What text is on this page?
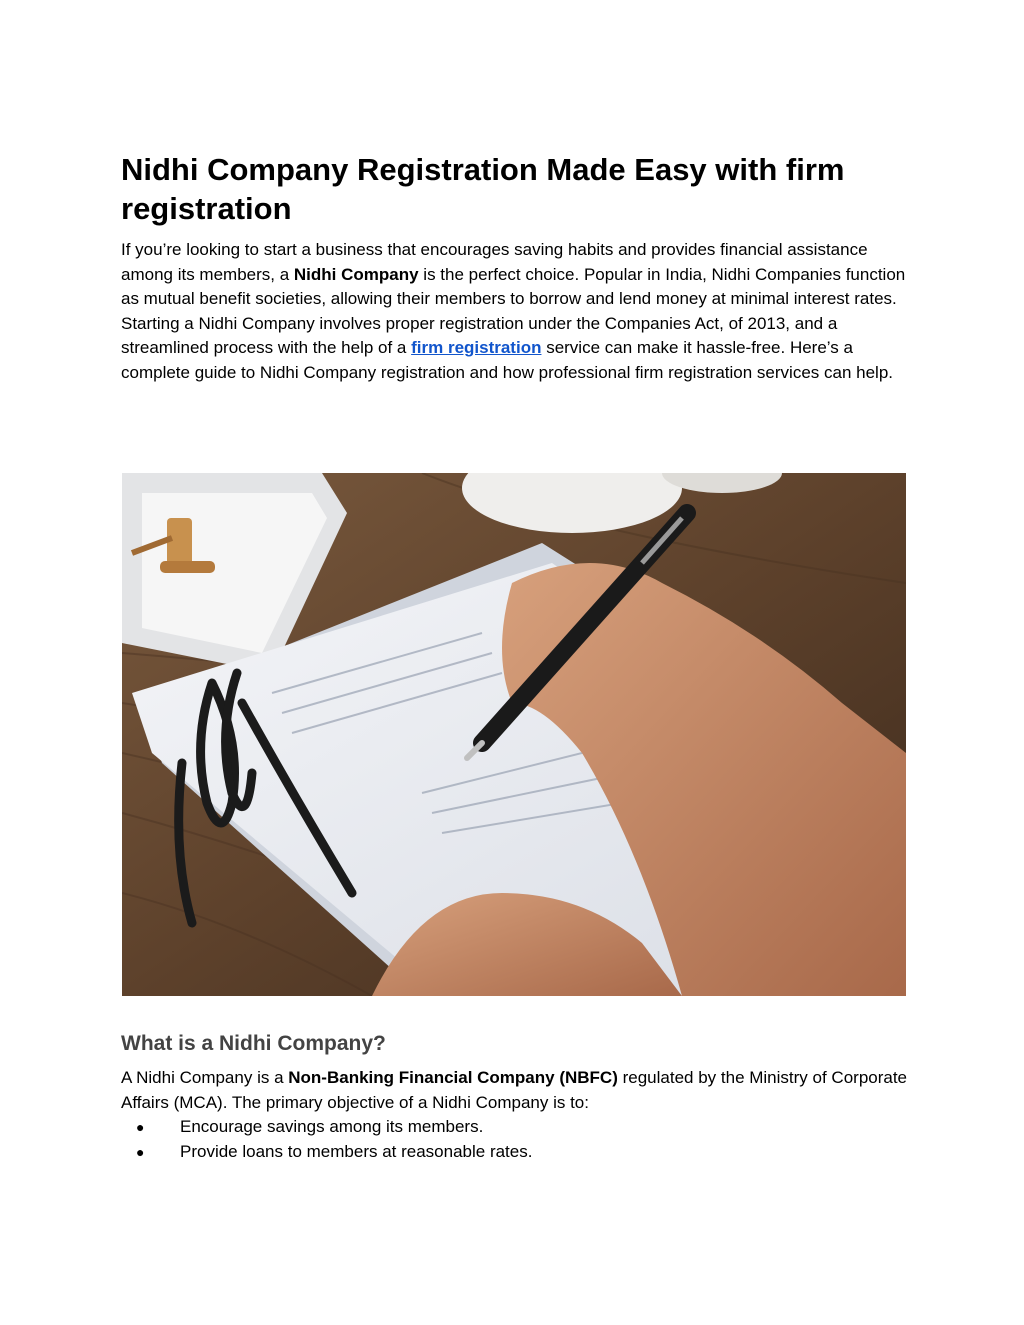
Nidhi Company Registration Made Easy with firm registration

If you’re looking to start a business that encourages saving habits and provides financial assistance among its members, a Nidhi Company is the perfect choice. Popular in India, Nidhi Companies function as mutual benefit societies, allowing their members to borrow and lend money at minimal interest rates.

Starting a Nidhi Company involves proper registration under the Companies Act, of 2013, and a streamlined process with the help of a firm registration service can make it hassle-free. Here’s a complete guide to Nidhi Company registration and how professional firm registration services can help.

What is a Nidhi Company?

A Nidhi Company is a Non-Banking Financial Company (NBFC) regulated by the Ministry of Corporate Affairs (MCA). The primary objective of a Nidhi Company is to:

● Encourage savings among its members.
● Provide loans to members at reasonable rates.
